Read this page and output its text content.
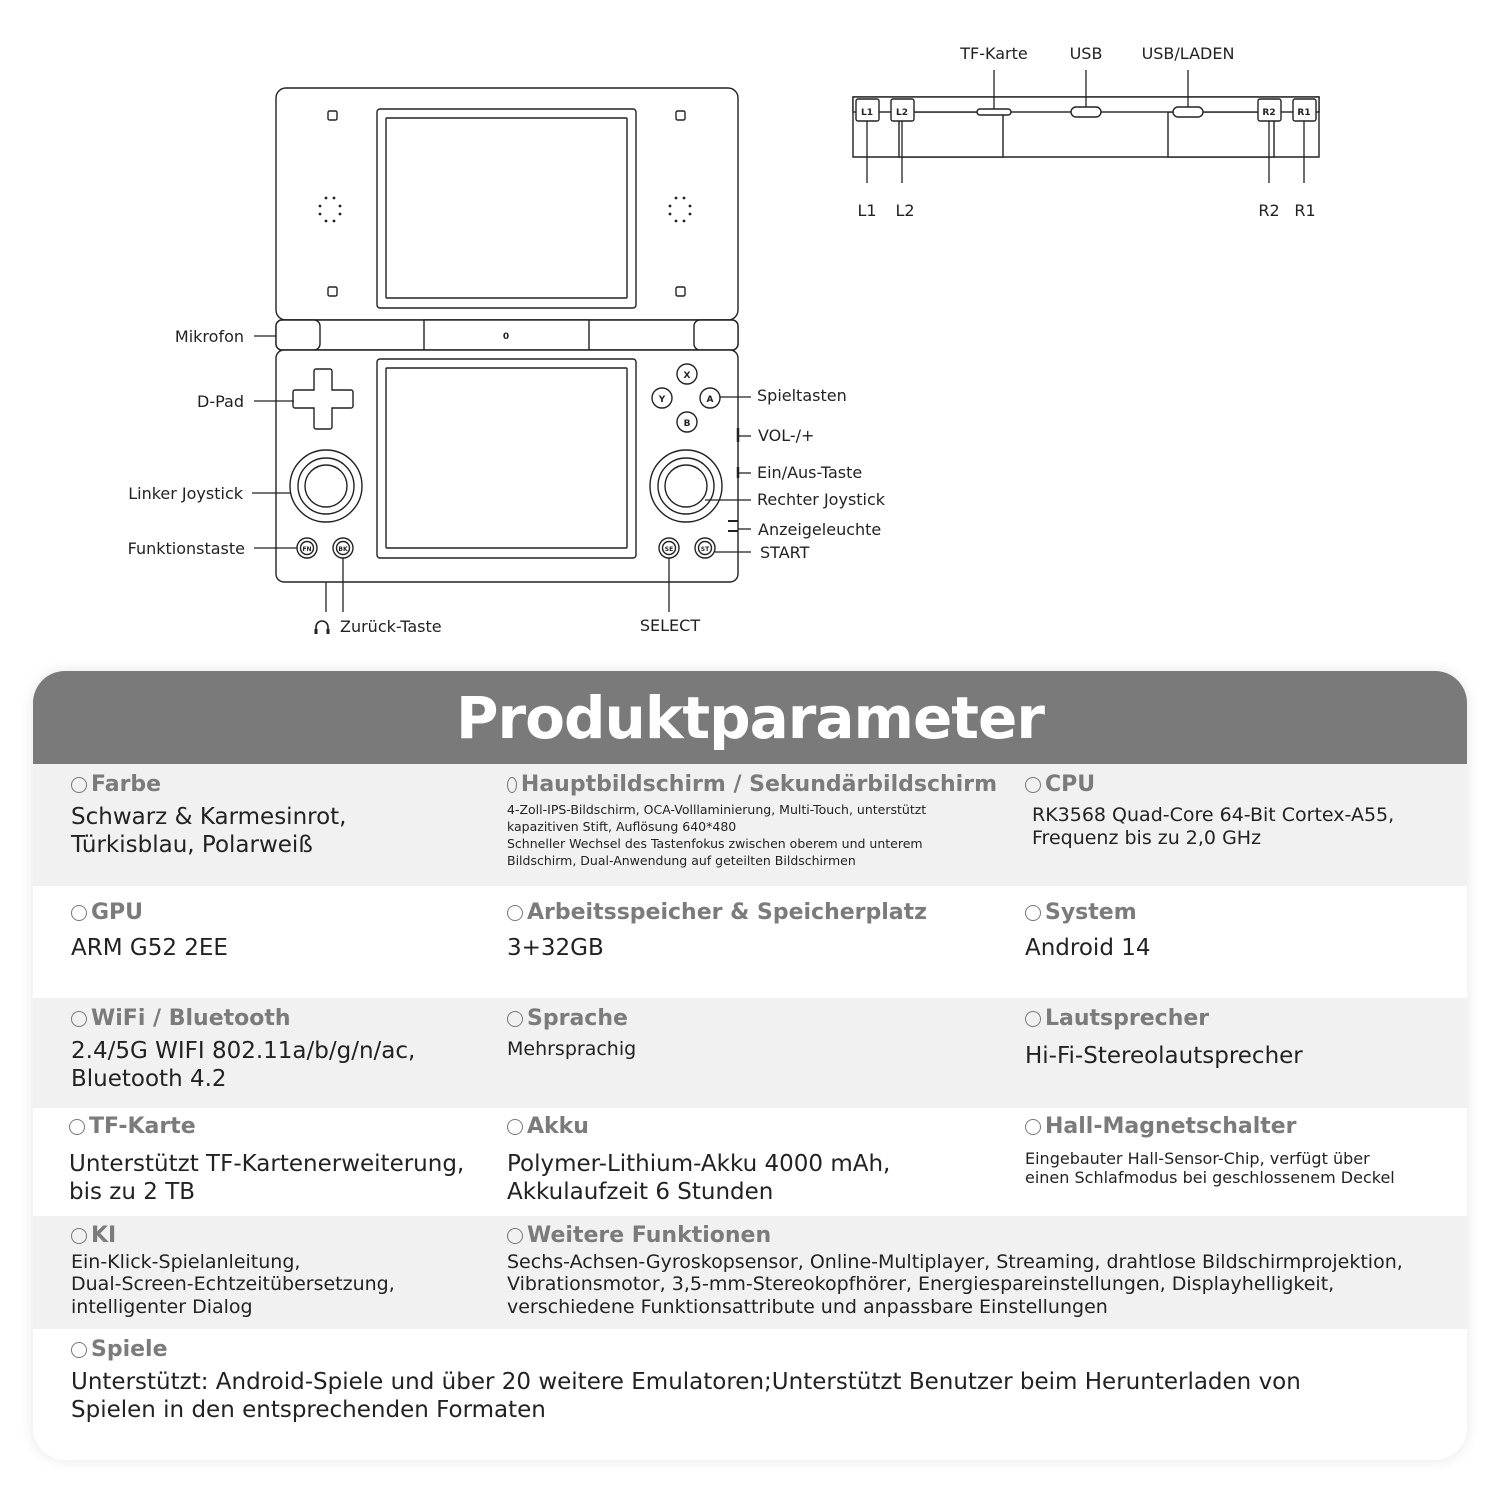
0
X
Y	A
B
FN	BK	SE	ST
Mikrofon
D-Pad
Linker Joystick
Funktionstaste
Zurück-Taste	SELECT
Spieltasten
VOL-/+
Ein/Aus-Taste
Rechter Joystick
Anzeigeleuchte
START
L1	L2	R2 R1
TF-Karte	USB USB/LADEN
L1 L2	R2 R1
Produktparameter
Farbe
Schwarz & Karmesinrot,
Türkisblau, Polarweiß
Hauptbildschirm / Sekundärbildschirm
4-Zoll-IPS-Bildschirm, OCA-Volllaminierung, Multi-Touch, unterstützt
kapazitiven Stift, Auflösung 640*480
Schneller Wechsel des Tastenfokus zwischen oberem und unterem
Bildschirm, Dual-Anwendung auf geteilten Bildschirmen
CPU
RK3568 Quad-Core 64-Bit Cortex-A55,
Frequenz bis zu 2,0 GHz
GPU
ARM G52 2EE
Arbeitsspeicher & Speicherplatz
3+32GB
System
Android 14
WiFi / Bluetooth
2.4/5G WIFI 802.11a/b/g/n/ac,
Bluetooth 4.2
Sprache
Mehrsprachig
Lautsprecher
Hi-Fi-Stereolautsprecher
TF-Karte
Unterstützt TF-Kartenerweiterung,
bis zu 2 TB
Akku
Polymer-Lithium-Akku 4000 mAh,
Akkulaufzeit 6 Stunden
Hall-Magnetschalter
Eingebauter Hall-Sensor-Chip, verfügt über
einen Schlafmodus bei geschlossenem Deckel
KI
Ein-Klick-Spielanleitung,
Dual-Screen-Echtzeitübersetzung,
intelligenter Dialog
Weitere Funktionen
Sechs-Achsen-Gyroskopsensor, Online-Multiplayer, Streaming, drahtlose Bildschirmprojektion,
Vibrationsmotor, 3,5-mm-Stereokopfhörer, Energiespareinstellungen, Displayhelligkeit,
verschiedene Funktionsattribute und anpassbare Einstellungen
Spiele
Unterstützt: Android-Spiele und über 20 weitere Emulatoren;Unterstützt Benutzer beim Herunterladen von
Spielen in den entsprechenden Formaten
